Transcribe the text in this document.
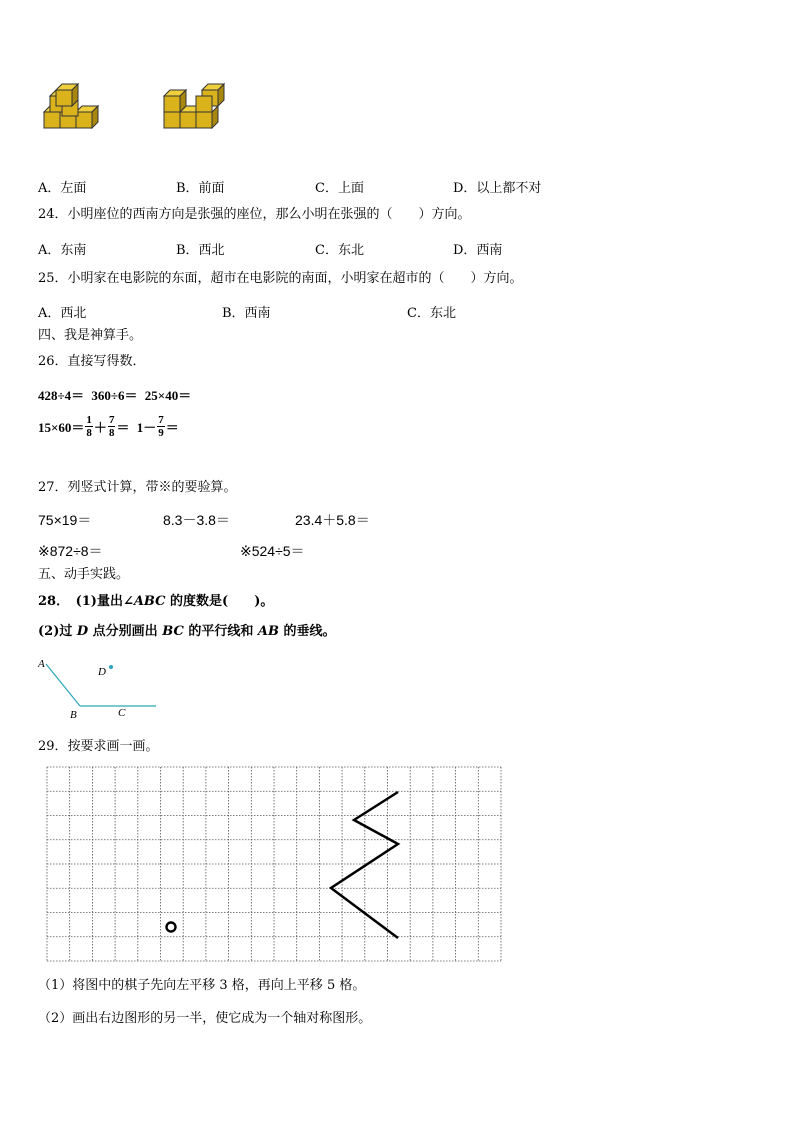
A．左面	B．前面	C．上面	D．以上都不对
24．小明座位的西南方向是张强的座位，那么小明在张强的（　　）方向。
A．东南	B．西北	C．东北	D．西南
25．小明家在电影院的东面，超市在电影院的南面，小明家在超市的（　　）方向。
A．西北	B．西南	C．东北
四、我是神算手。
26．直接写得数．
428÷4＝ 360÷6＝ 25×40＝
$15\times 60= \frac{1}{8} + \frac{7}{8} = 1- \frac{7}{9}$ ＝
27．列竖式计算，带※的要验算。
75×19＝	8.3－3.8＝	23.4＋5.8＝
※872÷8＝	※524÷5＝
五、动手实践。
28．　(1)量出∠ABC 的度数是(　　)。
(2)过 D 点分别画出 BC 的平行线和 AB 的垂线。
A
B	C
D
29．按要求画一画。
（1）将图中的棋子先向左平移 3 格，再向上平移 5 格。
（2）画出右边图形的另一半，使它成为一个轴对称图形。
